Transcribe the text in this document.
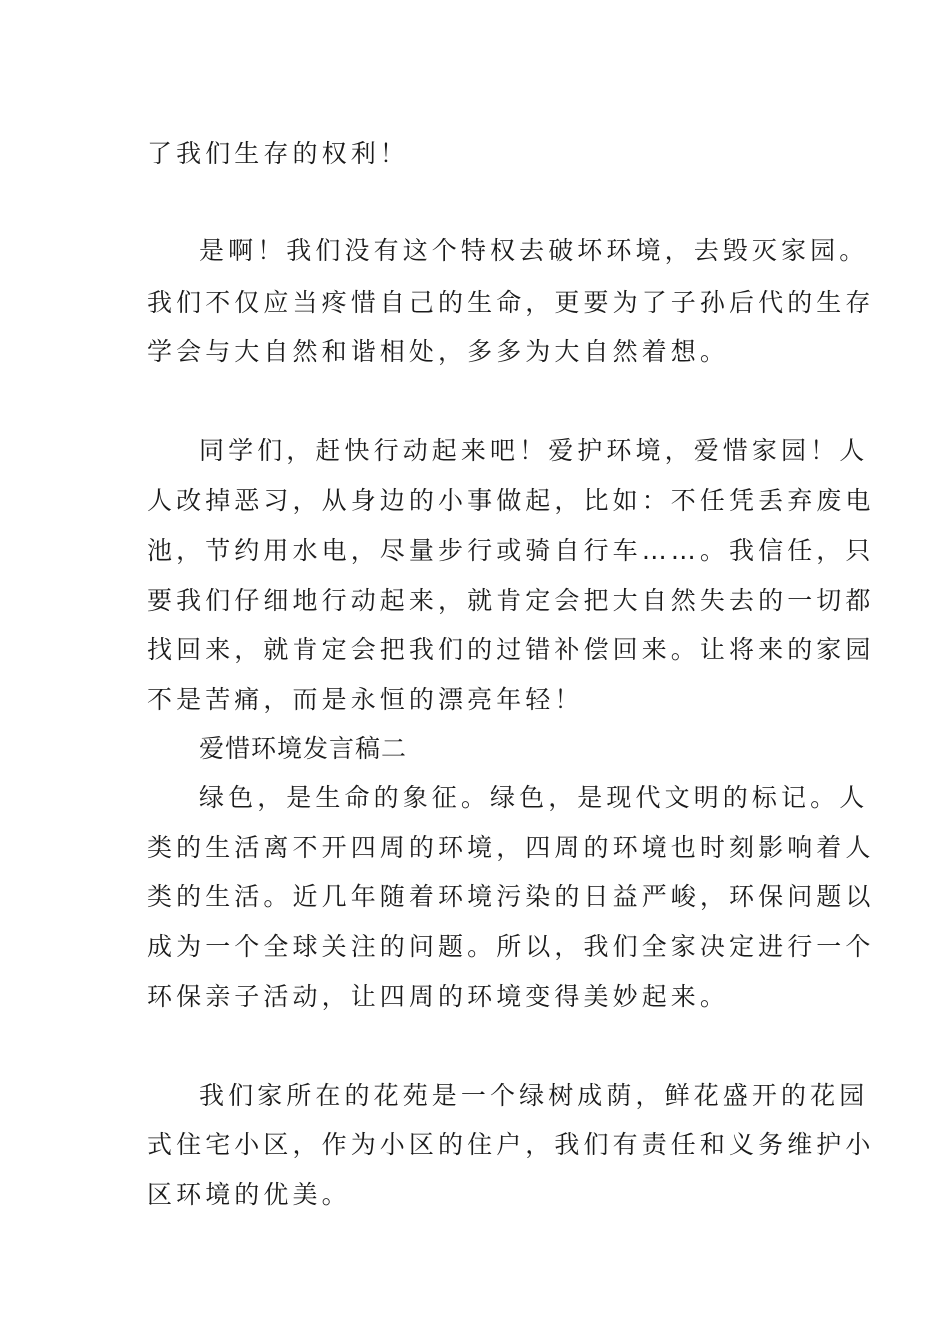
了我们生存的权利！
是啊！我们没有这个特权去破坏环境，去毁灭家园。
我们不仅应当疼惜自己的生命，更要为了子孙后代的生存
学会与大自然和谐相处，多多为大自然着想。
同学们，赶快行动起来吧！爱护环境，爱惜家园！人
人改掉恶习，从身边的小事做起，比如：不任凭丢弃废电
池，节约用水电，尽量步行或骑自行车……。我信任，只
要我们仔细地行动起来，就肯定会把大自然失去的一切都
找回来，就肯定会把我们的过错补偿回来。让将来的家园
不是苦痛，而是永恒的漂亮年轻！
爱惜环境发言稿二
绿色，是生命的象征。绿色，是现代文明的标记。人
类的生活离不开四周的环境，四周的环境也时刻影响着人
类的生活。近几年随着环境污染的日益严峻，环保问题以
成为一个全球关注的问题。所以，我们全家决定进行一个
环保亲子活动，让四周的环境变得美妙起来。
我们家所在的花苑是一个绿树成荫，鲜花盛开的花园
式住宅小区，作为小区的住户，我们有责任和义务维护小
区环境的优美。
